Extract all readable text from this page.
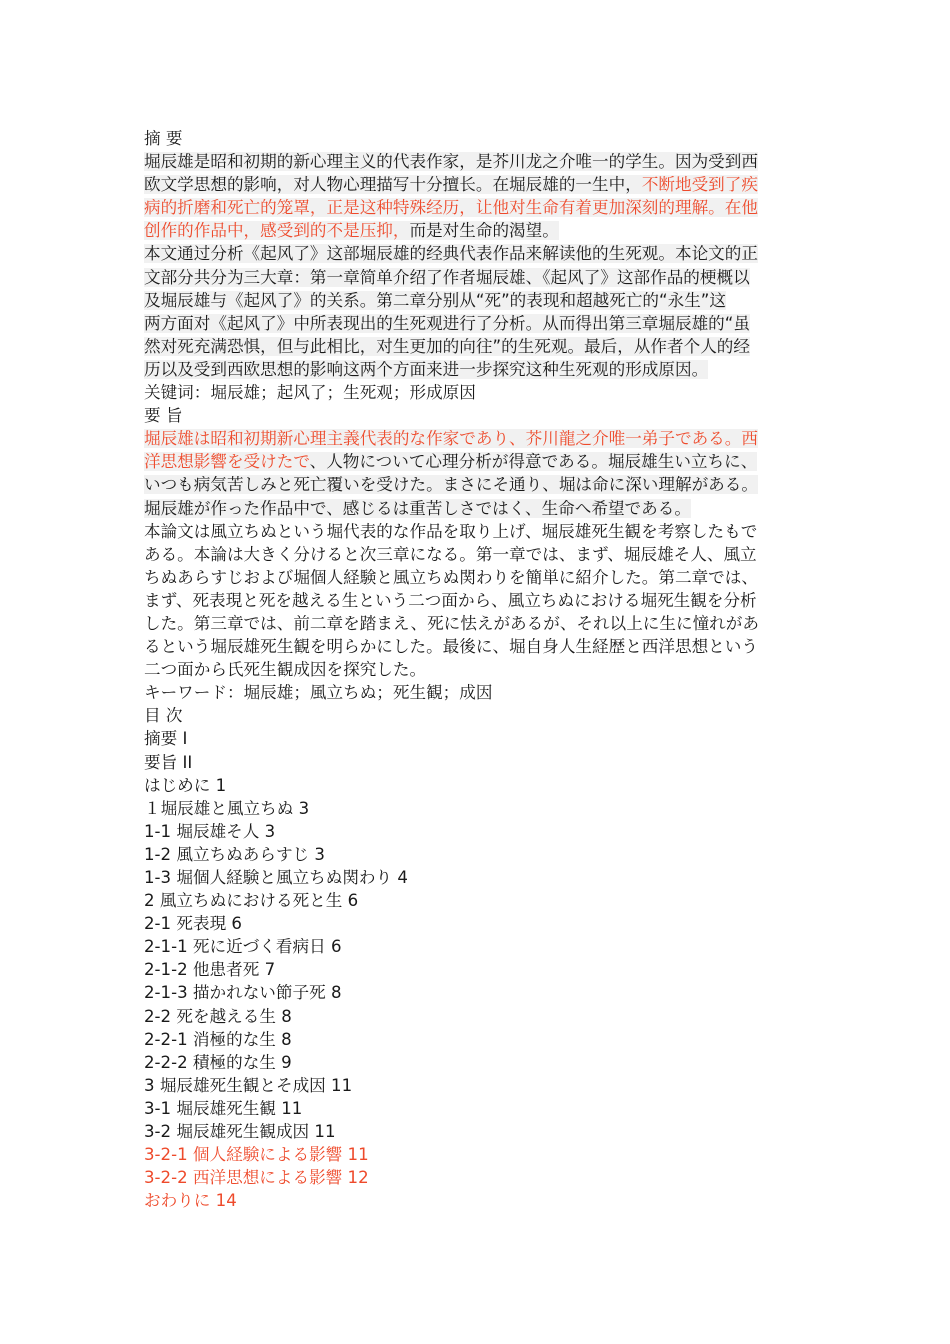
摘 要
堀辰雄是昭和初期的新心理主义的代表作家，是芥川龙之介唯一的学生。因为受到西
欧文学思想的影响，对人物心理描写十分擅长。在堀辰雄的一生中，不断地受到了疾
病的折磨和死亡的笼罩，正是这种特殊经历，让他对生命有着更加深刻的理解。在他
创作的作品中，感受到的不是压抑，而是对生命的渴望。
本文通过分析《起风了》这部堀辰雄的经典代表作品来解读他的生死观。本论文的正
文部分共分为三大章：第一章简单介绍了作者堀辰雄、《起风了》这部作品的梗概以
及堀辰雄与《起风了》的关系。第二章分别从“死”的表现和超越死亡的“永生”这
两方面对《起风了》中所表现出的生死观进行了分析。从而得出第三章堀辰雄的“虽
然对死充满恐惧，但与此相比，对生更加的向往”的生死观。最后，从作者个人的经
历以及受到西欧思想的影响这两个方面来进一步探究这种生死观的形成原因。
关键词：堀辰雄；起风了；生死观；形成原因
要 旨
堀辰雄は昭和初期新心理主義代表的な作家であり、芥川龍之介唯一弟子である。西
洋思想影響を受けたで、人物について心理分析が得意である。堀辰雄生い立ちに、
いつも病気苦しみと死亡覆いを受けた。まさにそ通り、堀は命に深い理解がある。
堀辰雄が作った作品中で、感じるは重苦しさではく、生命へ希望である。
本論文は風立ちぬという堀代表的な作品を取り上げ、堀辰雄死生観を考察したもで
ある。本論は大きく分けると次三章になる。第一章では、まず、堀辰雄そ人、風立
ちぬあらすじおよび堀個人経験と風立ちぬ関わりを簡単に紹介した。第二章では、
まず、死表現と死を越える生という二つ面から、風立ちぬにおける堀死生観を分析
した。第三章では、前二章を踏まえ、死に怯えがあるが、それ以上に生に憧れがあ
るという堀辰雄死生観を明らかにした。最後に、堀自身人生経歴と西洋思想という
二つ面から氏死生観成因を探究した。
キーワード：堀辰雄；風立ちぬ；死生観；成因
目 次
摘要 I
要旨 II
はじめに 1
１堀辰雄と風立ちぬ 3
1-1 堀辰雄そ人 3
1-2 風立ちぬあらすじ 3
1-3 堀個人経験と風立ちぬ関わり 4
2 風立ちぬにおける死と生 6
2-1 死表現 6
2-1-1 死に近づく看病日 6
2-1-2 他患者死 7
2-1-3 描かれない節子死 8
2-2 死を越える生 8
2-2-1 消極的な生 8
2-2-2 積極的な生 9
3 堀辰雄死生観とそ成因 11
3-1 堀辰雄死生観 11
3-2 堀辰雄死生観成因 11
3-2-1 個人経験による影響 11
3-2-2 西洋思想による影響 12
おわりに 14
